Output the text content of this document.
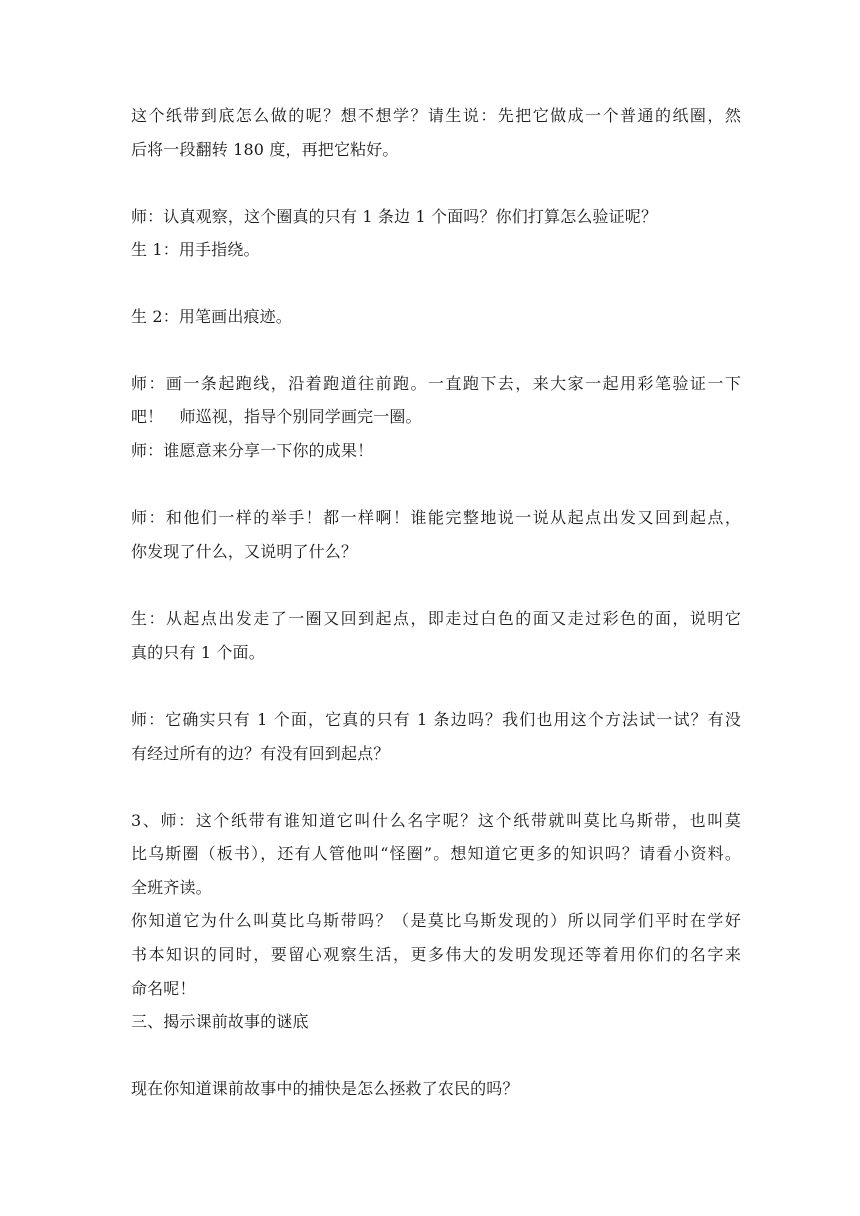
这个纸带到底怎么做的呢？想不想学？请生说：先把它做成一个普通的纸圈，然
后将一段翻转 180 度，再把它粘好。
师：认真观察，这个圈真的只有 1 条边 1 个面吗？你们打算怎么验证呢？
生 1：用手指绕。
生 2：用笔画出痕迹。
师：画一条起跑线，沿着跑道往前跑。一直跑下去，来大家一起用彩笔验证一下
吧！　师巡视，指导个别同学画完一圈。
师：谁愿意来分享一下你的成果！
师：和他们一样的举手！都一样啊！谁能完整地说一说从起点出发又回到起点，
你发现了什么，又说明了什么？
生：从起点出发走了一圈又回到起点，即走过白色的面又走过彩色的面，说明它
真的只有 1 个面。
师：它确实只有 1 个面，它真的只有 1 条边吗？我们也用这个方法试一试？有没
有经过所有的边？有没有回到起点？
3、师：这个纸带有谁知道它叫什么名字呢？这个纸带就叫莫比乌斯带，也叫莫
比乌斯圈（板书），还有人管他叫“怪圈”。想知道它更多的知识吗？请看小资料。
全班齐读。
你知道它为什么叫莫比乌斯带吗？（是莫比乌斯发现的）所以同学们平时在学好
书本知识的同时，要留心观察生活，更多伟大的发明发现还等着用你们的名字来
命名呢！
三、揭示课前故事的谜底
现在你知道课前故事中的捕快是怎么拯救了农民的吗？
